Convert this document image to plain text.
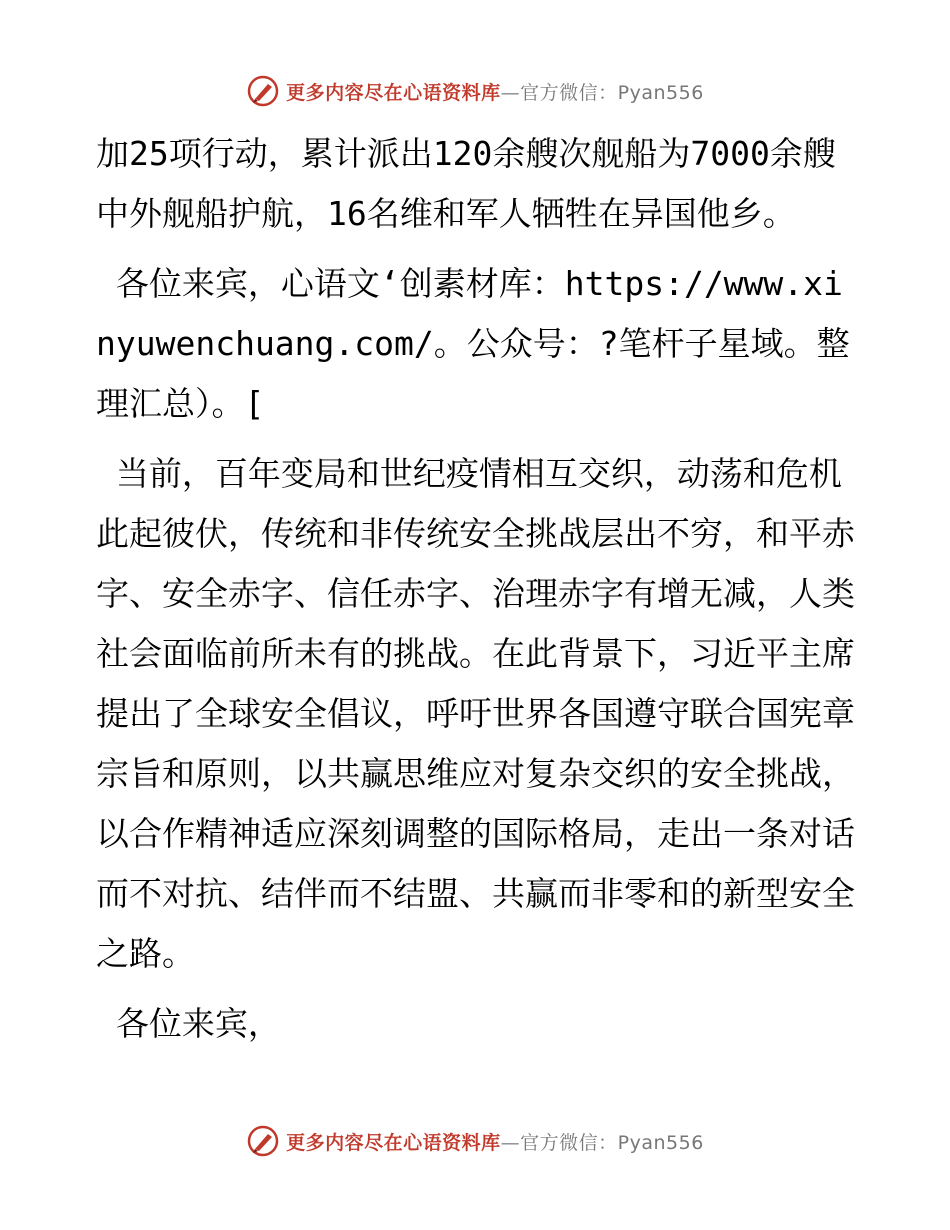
更多内容尽在心语资料库—官方微信：Pyan556

加25项行动，累计派出120余艘次舰船为7000余艘中外舰船护航，16名维和军人牺牲在异国他乡。

各位来宾，心语文ʻ创素材库：https://www.xinyuwenchuang.com/。公众号：?笔杆子星域。整理汇总）。[

当前，百年变局和世纪疫情相互交织，动荡和危机此起彼伏，传统和非传统安全挑战层出不穷，和平赤字、安全赤字、信任赤字、治理赤字有增无减，人类社会面临前所未有的挑战。在此背景下，习近平主席提出了全球安全倡议，呼吁世界各国遵守联合国宪章宗旨和原则，以共赢思维应对复杂交织的安全挑战，以合作精神适应深刻调整的国际格局，走出一条对话而不对抗、结伴而不结盟、共赢而非零和的新型安全之路。

各位来宾，

更多内容尽在心语资料库—官方微信：Pyan556
